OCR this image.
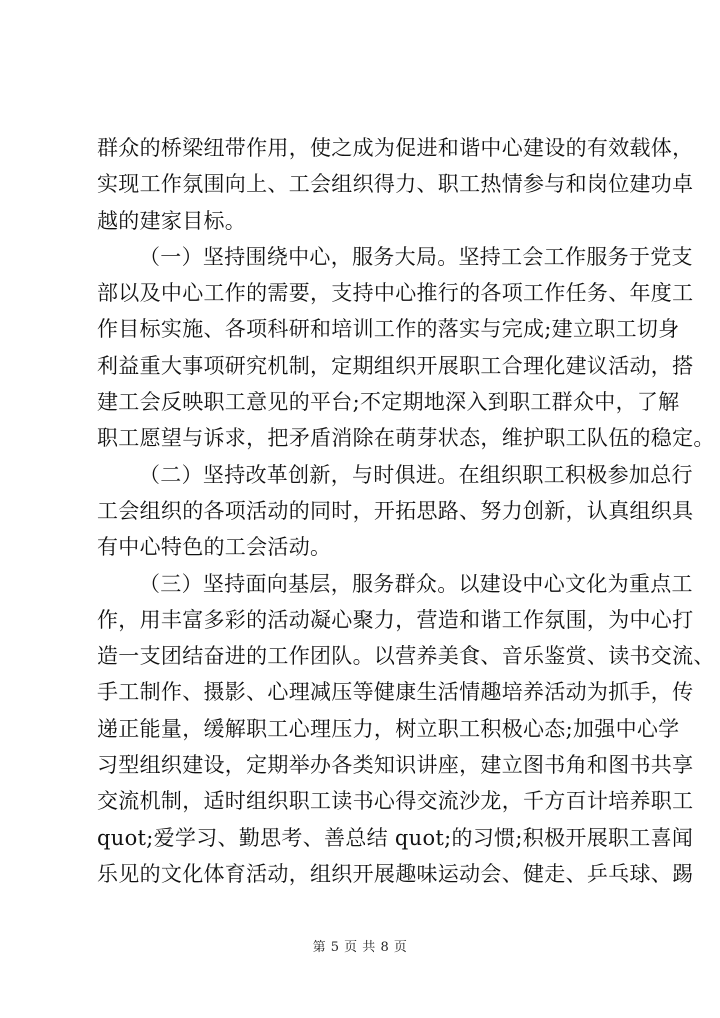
群众的桥梁纽带作用，使之成为促进和谐中心建设的有效载体，
实现工作氛围向上、工会组织得力、职工热情参与和岗位建功卓
越的建家目标。
（一）坚持围绕中心，服务大局。坚持工会工作服务于党支
部以及中心工作的需要，支持中心推行的各项工作任务、年度工
作目标实施、各项科研和培训工作的落实与完成;建立职工切身
利益重大事项研究机制，定期组织开展职工合理化建议活动，搭
建工会反映职工意见的平台;不定期地深入到职工群众中，了解
职工愿望与诉求，把矛盾消除在萌芽状态，维护职工队伍的稳定。
（二）坚持改革创新，与时俱进。在组织职工积极参加总行
工会组织的各项活动的同时，开拓思路、努力创新，认真组织具
有中心特色的工会活动。
（三）坚持面向基层，服务群众。以建设中心文化为重点工
作，用丰富多彩的活动凝心聚力，营造和谐工作氛围，为中心打
造一支团结奋进的工作团队。以营养美食、音乐鉴赏、读书交流、
手工制作、摄影、心理减压等健康生活情趣培养活动为抓手，传
递正能量，缓解职工心理压力，树立职工积极心态;加强中心学
习型组织建设，定期举办各类知识讲座，建立图书角和图书共享
交流机制，适时组织职工读书心得交流沙龙，千方百计培养职工
quot;爱学习、勤思考、善总结 quot;的习惯;积极开展职工喜闻
乐见的文化体育活动，组织开展趣味运动会、健走、乒乓球、踢
第 5 页 共 8 页
